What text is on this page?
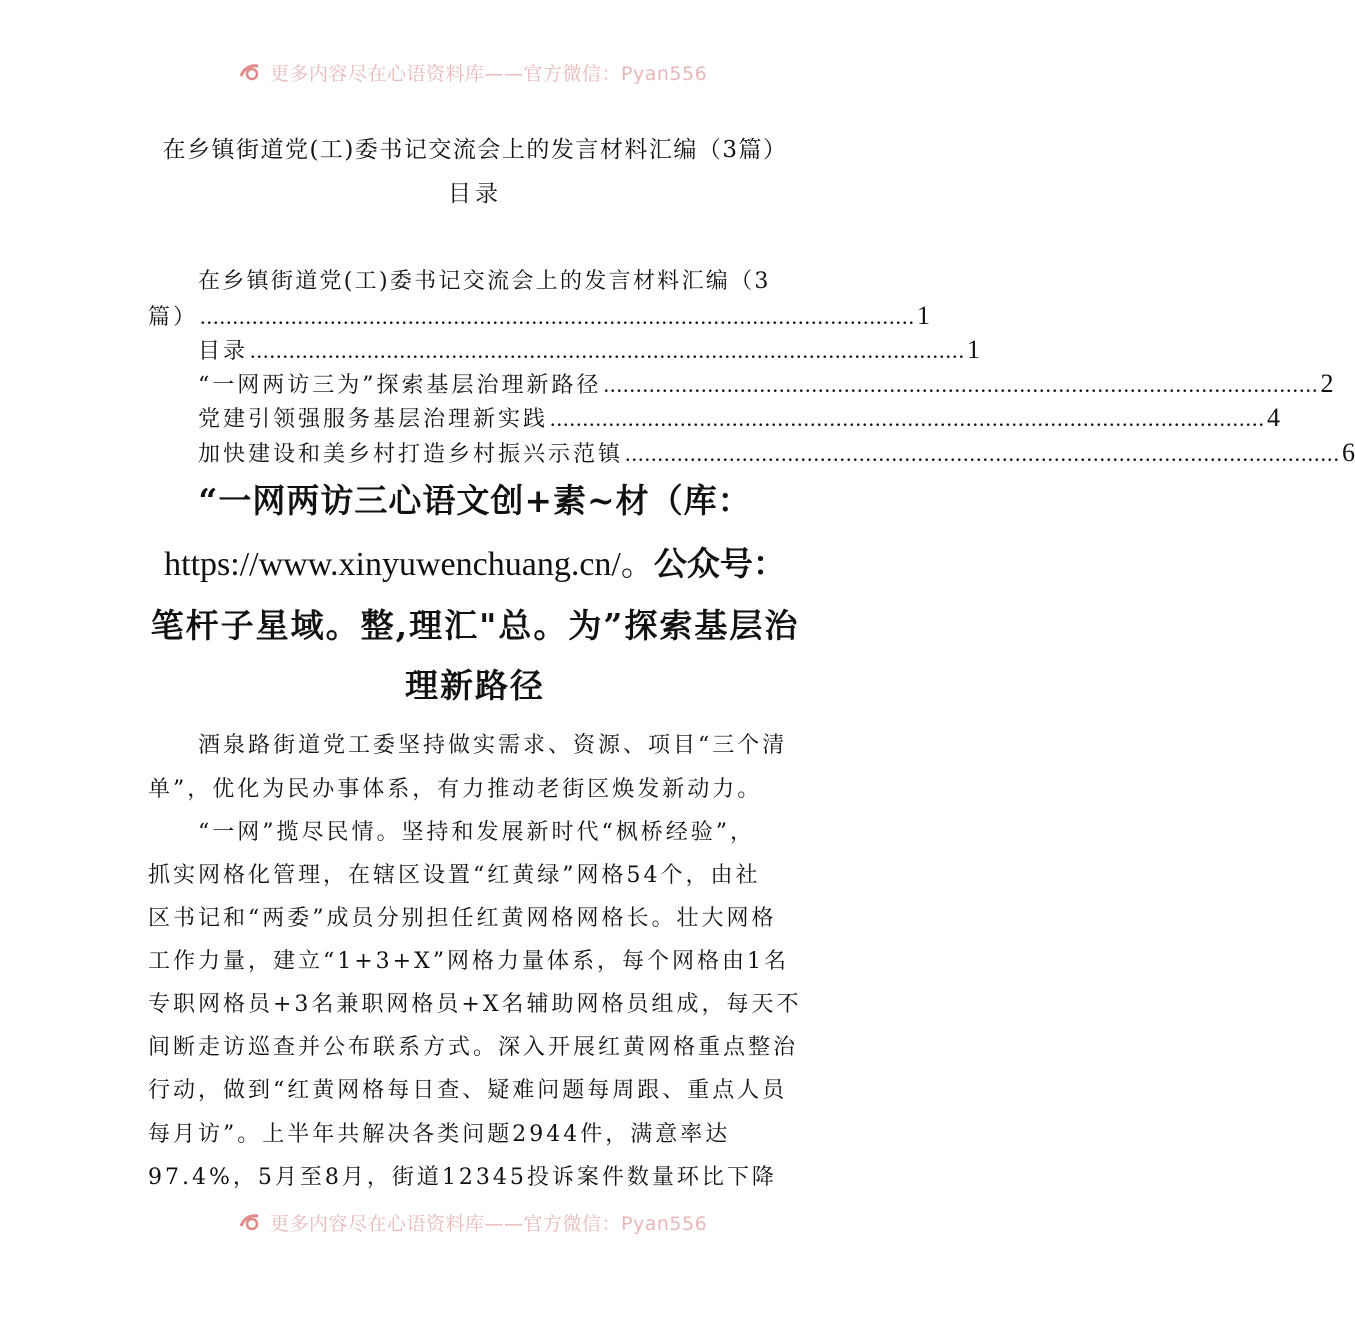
更多内容尽在心语资料库——官方微信：Pyan556
在乡镇街道党(工)委书记交流会上的发言材料汇编（3篇）
目录
在乡镇街道党(工)委书记交流会上的发言材料汇编（3
篇） .............................................................................................................. 1
目录 .............................................................................................................. 1
“一网两访三为”探索基层治理新路径 .............................................................................................................. 2
党建引领强服务基层治理新实践 .............................................................................................................. 4
加快建设和美乡村打造乡村振兴示范镇 .............................................................................................................. 6
“一网两访三心语文创+素~材（库：
https://www.xinyuwenchuang.cn/。公众号：
笔杆子星域。整,理汇"总。为”探索基层治
理新路径
酒泉路街道党工委坚持做实需求、资源、项目“三个清
单”，优化为民办事体系，有力推动老街区焕发新动力。
“一网”揽尽民情。坚持和发展新时代“枫桥经验”，
抓实网格化管理，在辖区设置“红黄绿”网格54个，由社
区书记和“两委”成员分别担任红黄网格网格长。壮大网格
工作力量，建立“1+3+X”网格力量体系，每个网格由1名
专职网格员+3名兼职网格员+X名辅助网格员组成，每天不
间断走访巡查并公布联系方式。深入开展红黄网格重点整治
行动，做到“红黄网格每日查、疑难问题每周跟、重点人员
每月访”。上半年共解决各类问题2944件，满意率达
97.4%，5月至8月，街道12345投诉案件数量环比下降
更多内容尽在心语资料库——官方微信：Pyan556
